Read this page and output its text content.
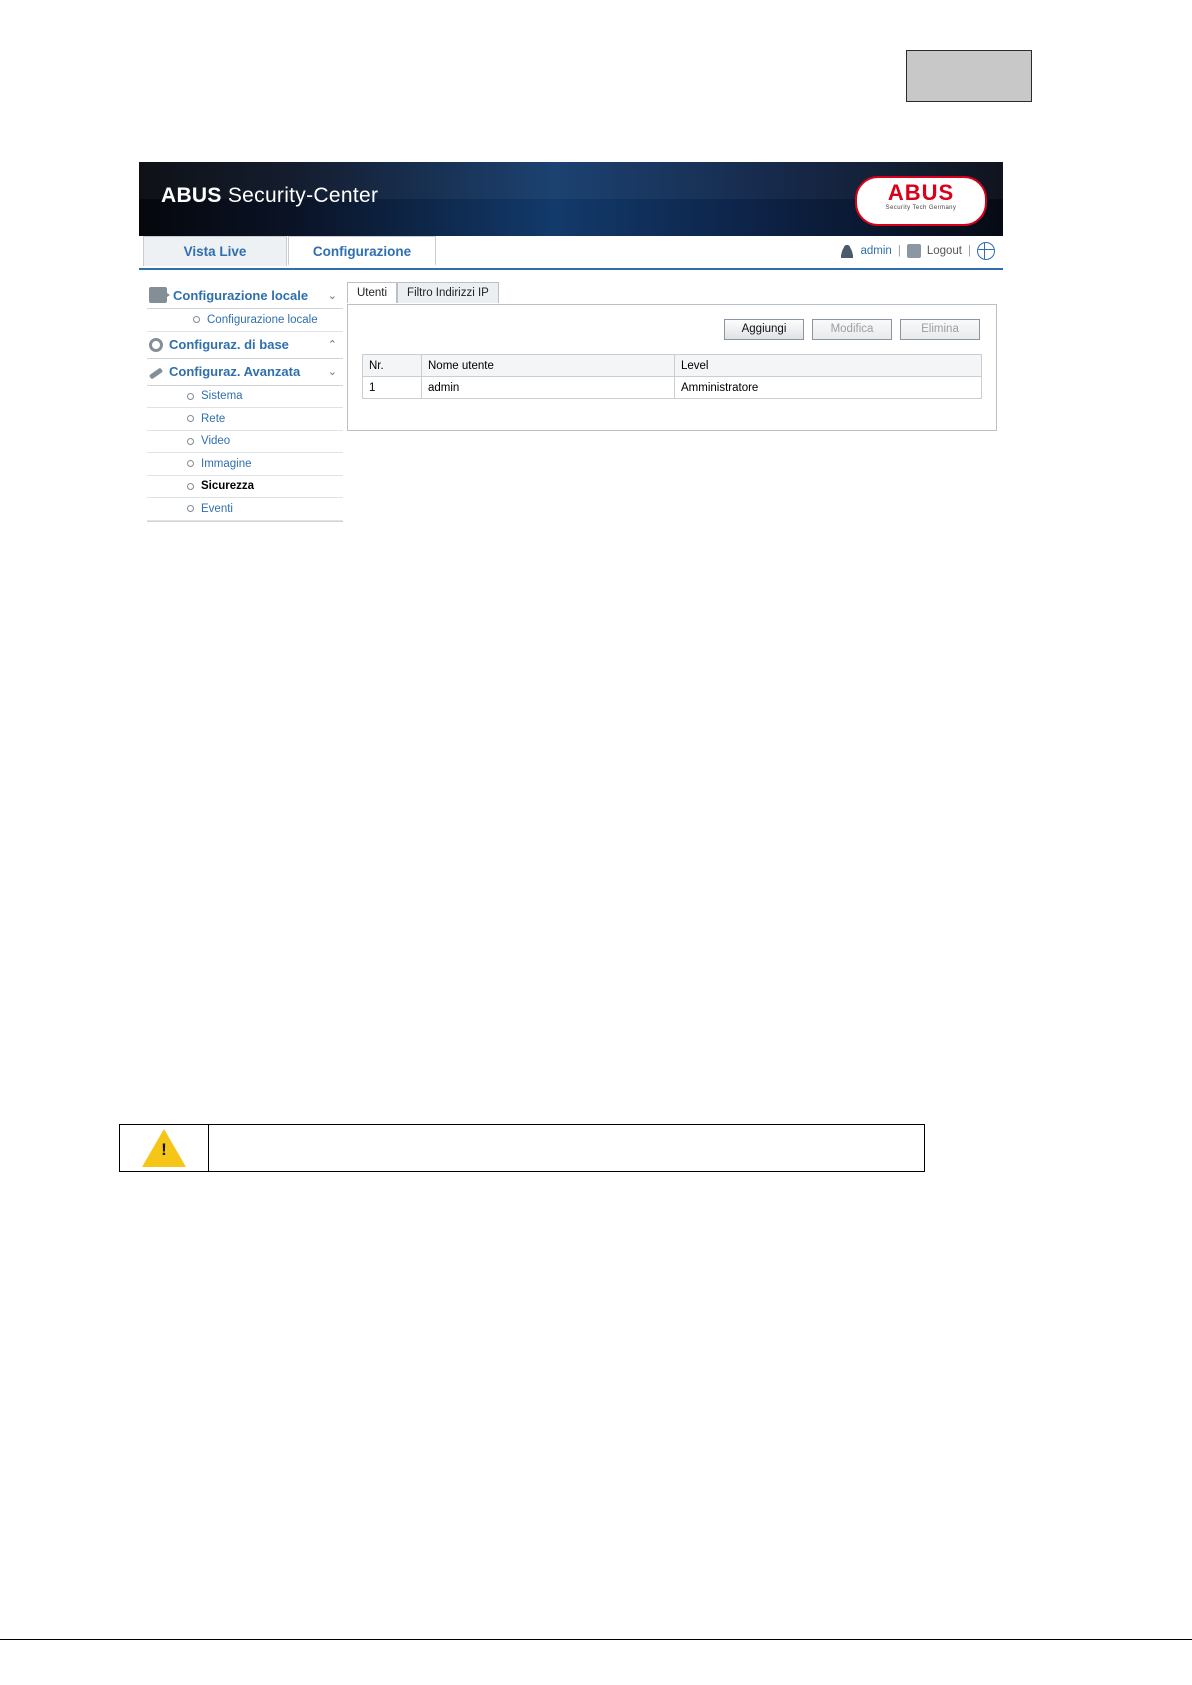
ABUS Security-Center	ABUS
Security Tech Germany
Vista Live	Configurazione	admin | Logout |
Configurazione locale ⌄
Configurazione locale
Configuraz. di base	⌃
Configuraz. Avanzata	⌄
Sistema
Rete
Video
Immagine
Sicurezza
Eventi
Utenti Filtro Indirizzi IP
Aggiungi	Modifica	Elimina
Nr.	Nome utente	Level
1	admin	Amministratore
!
